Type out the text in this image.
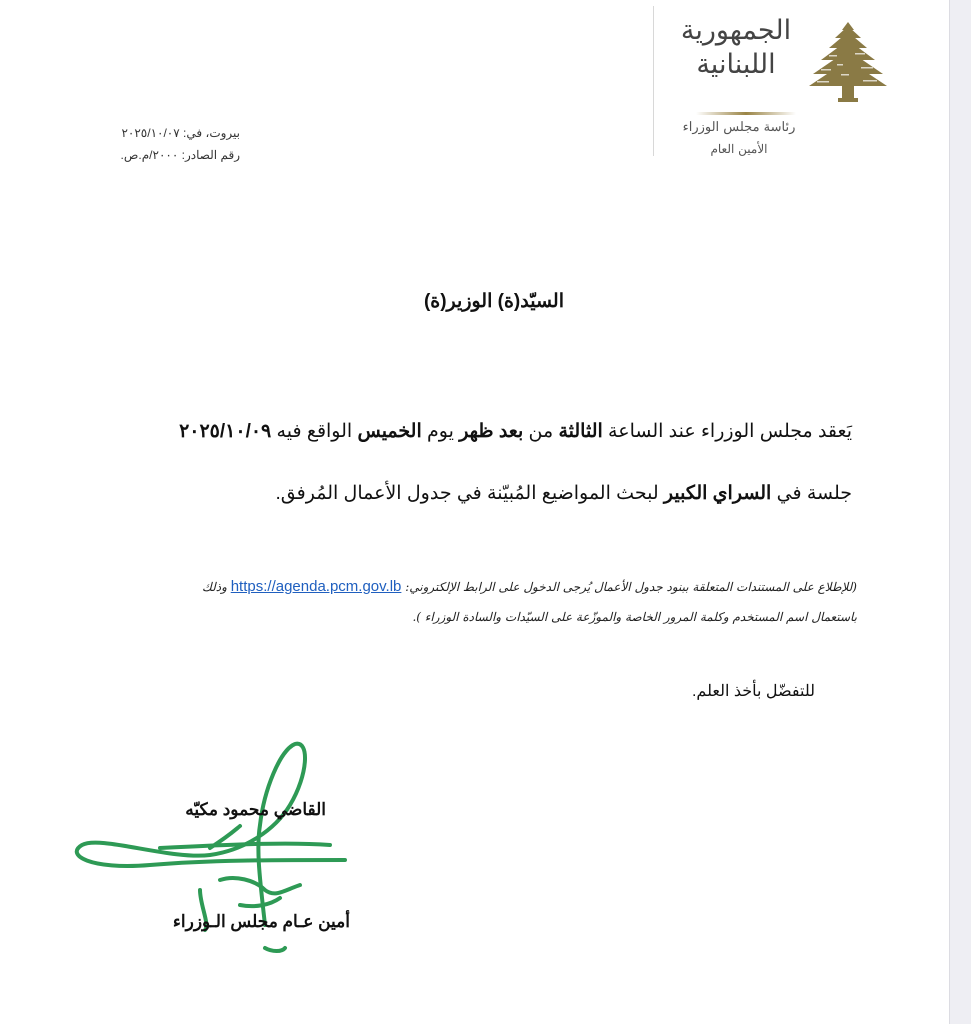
الجمهورية
اللبنانية
رئاسة مجلس الوزراء
الأمين العام
بيروت، في: ٢٠٢٥/١٠/٠٧
رقم الصادر: ٢٠٠٠/م.ص.
السيّد(ة) الوزير(ة)
يَعقد مجلس الوزراء عند الساعة الثالثة من بعد ظهر يوم الخميس الواقع فيه ٢٠٢٥/١٠/٠٩
جلسة في السراي الكبير لبحث المواضيع المُبيّنة في جدول الأعمال المُرفق.
(للإطلاع على المستندات المتعلقة ببنود جدول الأعمال يُرجى الدخول على الرابط الإلكتروني: https://agenda.pcm.gov.lb وذلك
باستعمال اسم المستخدم وكلمة المرور الخاصة والموزّعة على السيّدات والسادة الوزراء ).
للتفضّل بأخذ العلم.
القاضي محمود مكيّه
أمين عـام مجلس الـوزراء
